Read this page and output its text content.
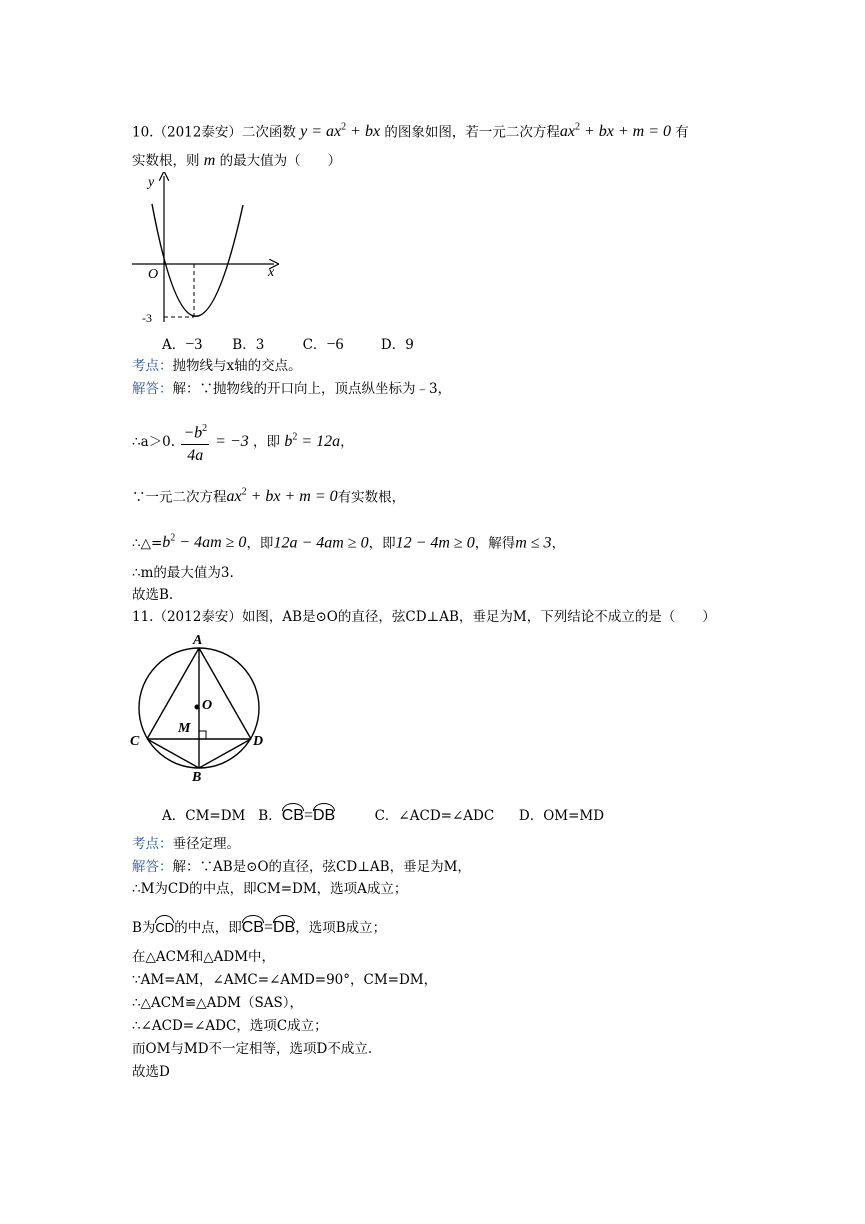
10.（2012泰安）二次函数 $y = ax^2$ + bx 的图象如图，若一元二次方程$ax^2$ + bx + m = 0 有
实数根，则 m 的最大值为（　　）
y
x
O
-3
A．−3 B．3	C．−6	D．9
考点：抛物线与x轴的交点。
解答：解：∵抛物线的开口向上，顶点纵坐标为﹣3，
∴a＞0. $\frac{-b^2}{4a} = -3$ ，即 $b^2 = 12a$，
∵一元二次方程$ax^2$ + bx + m = 0有实数根，
$\therefore\triangle=b^2 - 4am \ge 0$，即12a − 4am ≥ 0，即12 − 4m ≥ 0，解得m ≤ 3，
∴m的最大值为3.
故选B.
11.（2012泰安）如图，AB是⊙O的直径，弦CD⊥AB，垂足为M，下列结论不成立的是（　　）
A
O
M
C	D
B
A．CM=DM B．CB=DB	C．∠ACD=∠ADC D．OM=MD
考点：垂径定理。
解答：解：∵AB是⊙O的直径，弦CD⊥AB，垂足为M，
∴M为CD的中点，即CM=DM，选项A成立；
B为CD的中点，即CB=DB，选项B成立；
在△ACM和△ADM中，
∵AM=AM，∠AMC=∠AMD=90°，CM=DM，
∴△ACM≌△ADM（SAS），
∴∠ACD=∠ADC，选项C成立；
而OM与MD不一定相等，选项D不成立.
故选D
